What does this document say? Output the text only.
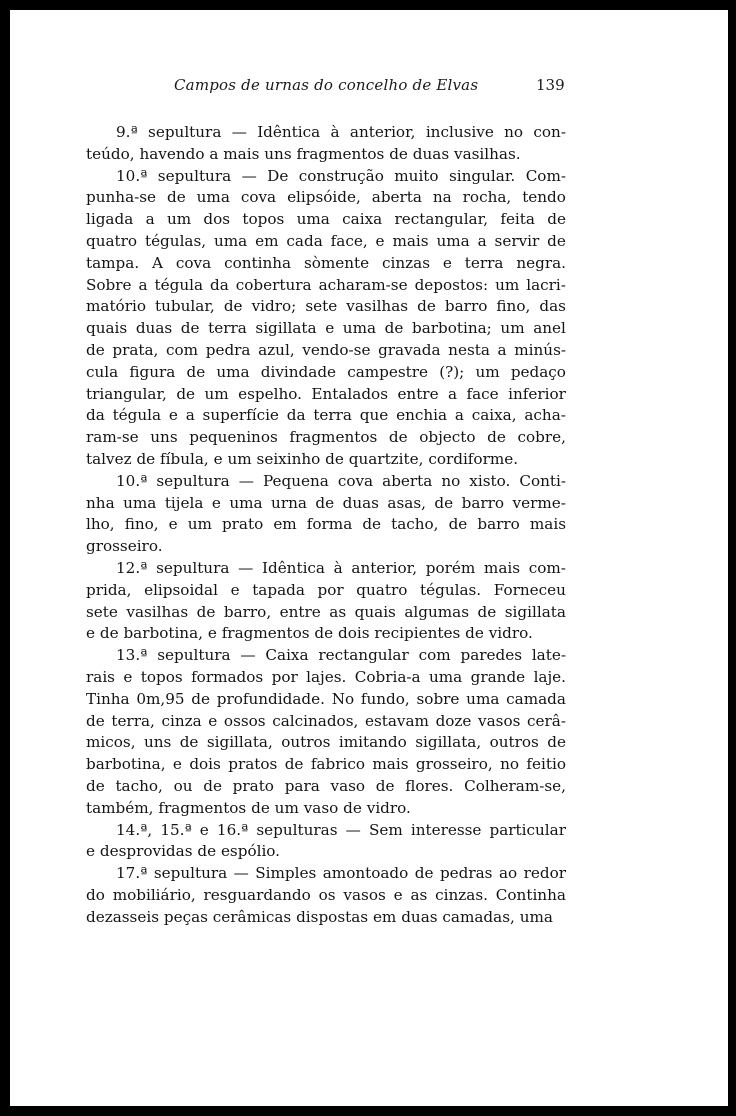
Campos de urnas do concelho de Elvas	139
9.ª sepultura — Idêntica à anterior, inclusive no con-
teúdo, havendo a mais uns fragmentos de duas vasilhas.
10.ª sepultura — De construção muito singular. Com-
punha-se de uma cova elipsóide, aberta na rocha, tendo
ligada a um dos topos uma caixa rectangular, feita de
quatro tégulas, uma em cada face, e mais uma a servir de
tampa. A cova continha sòmente cinzas e terra negra.
Sobre a tégula da cobertura acharam-se depostos: um lacri-
matório tubular, de vidro; sete vasilhas de barro fino, das
quais duas de terra sigillata e uma de barbotina; um anel
de prata, com pedra azul, vendo-se gravada nesta a minús-
cula figura de uma divindade campestre (?); um pedaço
triangular, de um espelho. Entalados entre a face inferior
da tégula e a superfície da terra que enchia a caixa, acha-
ram-se uns pequeninos fragmentos de objecto de cobre,
talvez de fíbula, e um seixinho de quartzite, cordiforme.
10.ª sepultura — Pequena cova aberta no xisto. Conti-
nha uma tijela e uma urna de duas asas, de barro verme-
lho, fino, e um prato em forma de tacho, de barro mais
grosseiro.
12.ª sepultura — Idêntica à anterior, porém mais com-
prida, elipsoidal e tapada por quatro tégulas. Forneceu
sete vasilhas de barro, entre as quais algumas de sigillata
e de barbotina, e fragmentos de dois recipientes de vidro.
13.ª sepultura — Caixa rectangular com paredes late-
rais e topos formados por lajes. Cobria-a uma grande laje.
Tinha 0m,95 de profundidade. No fundo, sobre uma camada
de terra, cinza e ossos calcinados, estavam doze vasos cerâ-
micos, uns de sigillata, outros imitando sigillata, outros de
barbotina, e dois pratos de fabrico mais grosseiro, no feitio
de tacho, ou de prato para vaso de flores. Colheram-se,
também, fragmentos de um vaso de vidro.
14.ª, 15.ª e 16.ª sepulturas — Sem interesse particular
e desprovidas de espólio.
17.ª sepultura — Simples amontoado de pedras ao redor
do mobiliário, resguardando os vasos e as cinzas. Continha
dezasseis peças cerâmicas dispostas em duas camadas, uma
